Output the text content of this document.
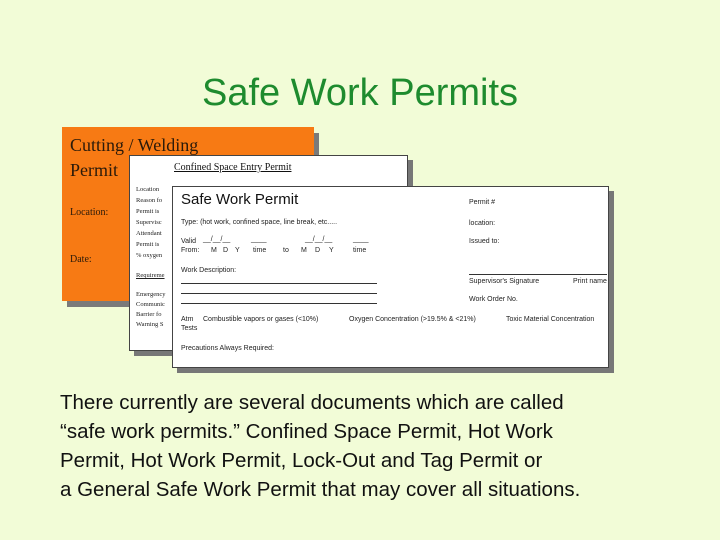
Safe Work Permits
Cutting / Welding
Permit
Location:
Date:
Confined Space Entry Permit
Location
Reason fo
Permit is
Supervisc
Attendant
Permit is
% oxygen
Requireme
Emergency
Communic
Barrier fo
Warning S
Safe Work Permit	Permit #
Type: (hot work, confined space, line break, etc.....	location:
Valid __/__/__	____	__/__/__	____	Issued to:
From: M D Y time to M D Y	time
Work Description:
Supervisor's Signature	Print name
Work Order No.
Atm
Tests
Combustible vapors or gases (<10%)	Oxygen Concentration (>19.5% & <21%)	Toxic Material Concentration
Precautions Always Required:
There currently are several documents which are called
“safe work permits.” Confined Space Permit, Hot Work
Permit, Hot Work Permit, Lock-Out and Tag Permit or
a General Safe Work Permit that may cover all situations.
